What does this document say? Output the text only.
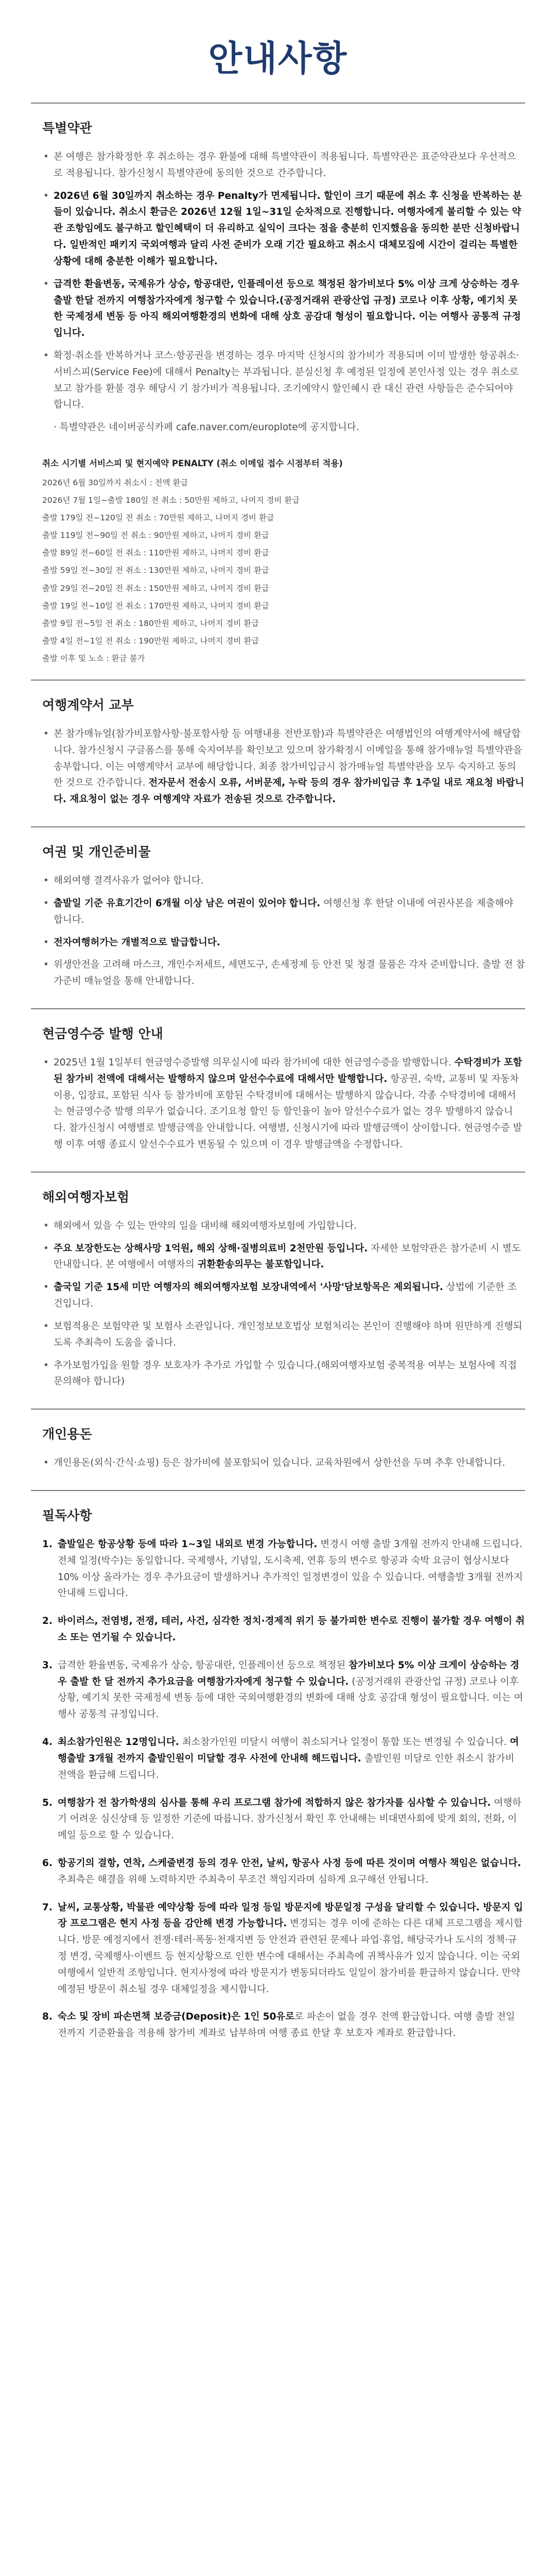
안내사항
특별약관
• 본 여행은 참가확정한 후 취소하는 경우 환불에 대해 특별약관이 적용됩니다. 특별약관은 표준약관보다 우선적으로 적용됩니다. 참가신청시 특별약관에 동의한 것으로 간주합니다.
• 2026년 6월 30일까지 취소하는 경우 Penalty가 면제됩니다. 할인이 크기 때문에 취소 후 신청을 반복하는 분들이 있습니다. 취소시 환금은 2026년 12월 1일~31일 순차적으로 진행합니다. 여행자에게 불리할 수 있는 약관 조항임에도 불구하고 할인혜택이 더 유리하고 실익이 크다는 점을 충분히 인지했음을 동의한 분만 신청바랍니다. 일반적인 패키지 국외여행과 달리 사전 준비가 오래 기간 필요하고 취소시 대체모집에 시간이 걸리는 특별한 상황에 대해 충분한 이해가 필요합니다.
• 급격한 환율변동, 국제유가 상승, 항공대란, 인플레이션 등으로 책정된 참가비보다 5% 이상 크게 상승하는 경우 출발 한달 전까지 여행참가자에게 청구할 수 있습니다.(공정거래위 관광산업 규정) 코로나 이후 상황, 예기치 못한 국제정세 변동 등 아직 해외여행환경의 변화에 대해 상호 공감대 형성이 필요합니다. 이는 여행사 공통적 규정입니다.
• 확정·취소를 반복하거나 코스·항공권을 변경하는 경우 마지막 신청시의 참가비가 적용되며 이미 발생한 항공취소·서비스피(Service Fee)에 대해서 Penalty는 부과됩니다. 분실신청 후 예정된 일정에 본인사정 있는 경우 취소로 보고 참가를 환불 경우 해당시 기 참가비가 적용됩니다. 조기예약시 할인혜시 관 대신 관련 사항들은 준수되어야 합니다.
· 특별약관은 네이버공식카페 cafe.naver.com/europlote에 공지합니다.
취소 시기별 서비스피 및 현지예약 PENALTY (취소 이메일 접수 시점부터 적용)
2026년 6월 30일까지 취소시 : 전액 환급
2026년 7월 1일~출발 180일 전 취소 : 50만원 제하고, 나머지 경비 환급
출발 179일 전~120일 전 취소 : 70만원 제하고, 나머지 경비 환급
출발 119일 전~90일 전 취소 : 90만원 제하고, 나머지 경비 환급
출발 89일 전~60일 전 취소 : 110만원 제하고, 나머지 경비 환급
출발 59일 전~30일 전 취소 : 130만원 제하고, 나머지 경비 환급
출발 29일 전~20일 전 취소 : 150만원 제하고, 나머지 경비 환급
출발 19일 전~10일 전 취소 : 170만원 제하고, 나머지 경비 환급
출발 9일 전~5일 전 취소 : 180만원 제하고, 나머지 경비 환급
출발 4일 전~1일 전 취소 : 190만원 제하고, 나머지 경비 환급
출발 이후 및 노쇼 : 환금 불가
여행계약서 교부
• 본 참가매뉴얼(참가비포함사항·불포함사항 등 여행내용 전반포함)과 특별약관은 여행법인의 여행계약서에 해당합니다. 참가신청시 구글폼스를 통해 숙지여부를 확인보고 있으며 참가확정시 이메일을 통해 참가매뉴얼 특별약관을 송부합니다. 이는 여행계약서 교부에 해당합니다. 최종 참가비입금시 참가매뉴얼 특별약관을 모두 숙지하고 동의한 것으로 간주합니다. 전자문서 전송시 오류, 서버문제, 누락 등의 경우 참가비입금 후 1주일 내로 재요청 바랍니다. 재요청이 없는 경우 여행계약 자료가 전송된 것으로 간주합니다.
여권 및 개인준비물
• 해외여행 결격사유가 없어야 합니다.
• 출발일 기준 유효기간이 6개월 이상 남은 여권이 있어야 합니다. 여행신청 후 한달 이내에 여권사본을 제출해야 합니다.
• 전자여행허가는 개별적으로 발급합니다.
• 위생안전을 고려해 마스크, 개인수저세트, 세면도구, 손세정제 등 안전 및 청결 물품은 각자 준비합니다. 출발 전 참가준비 매뉴얼을 통해 안내합니다.
현금영수증 발행 안내
• 2025년 1월 1일부터 현금영수증발행 의무실시에 따라 참가비에 대한 현금영수증을 발행합니다. 수탁경비가 포함된 참가비 전액에 대해서는 발행하지 않으며 알선수수료에 대해서만 발행합니다. 항공권, 숙박, 교통비 및 자동차 이용, 입장료, 포함된 식사 등 참가비에 포함된 수탁경비에 대해서는 발행하지 않습니다. 각종 수탁경비에 대해서는 현금영수증 발행 의무가 없습니다. 조기요청 할인 등 할인율이 높아 알선수수료가 없는 경우 발행하지 않습니다. 참가신청시 여행별로 발행금액을 안내합니다. 여행별, 신청시기에 따라 발행금액이 상이합니다. 현금영수증 발행 이후 여행 종료시 알선수수료가 변동될 수 있으며 이 경우 발행금액을 수정합니다.
해외여행자보험
• 해외에서 있을 수 있는 만약의 일을 대비해 해외여행자보험에 가입합니다.
• 주요 보장한도는 상해사망 1억원, 해외 상해·질병의료비 2천만원 등입니다. 자세한 보험약관은 참가준비 시 별도 안내합니다. 본 여행에서 여행자의 귀환환송의무는 불포함입니다.
• 출국일 기준 15세 미만 여행자의 해외여행자보험 보장내역에서 '사망'담보항목은 제외됩니다. 상법에 기준한 조건입니다.
• 보험적용은 보험약관 및 보험사 소관입니다. 개인정보보호법상 보험처리는 본인이 진행해야 하며 원만하게 진행되도록 추최측이 도움을 줍니다.
• 추가보험가입을 원할 경우 보호자가 추가로 가입할 수 있습니다.(해외여행자보험 중복적용 여부는 보험사에 직접 문의해야 합니다)
개인용돈
• 개인용돈(외식·간식·쇼핑) 등은 참가비에 불포함되어 있습니다. 교육차원에서 상한선을 두며 추후 안내합니다.
필독사항
1. 출발일은 항공상황 등에 따라 1~3일 내외로 변경 가능합니다. 변경시 여행 출발 3개월 전까지 안내해 드립니다. 전체 일정(박수)는 동일합니다. 국제행사, 기념일, 도시축제, 연휴 등의 변수로 항공과 숙박 요금이 협상시보다 10% 이상 올라가는 경우 추가요금이 발생하거나 추가적인 일정변경이 있을 수 있습니다. 여행출발 3개월 전까지 안내해 드립니다.
2. 바이러스, 전염병, 전쟁, 테러, 사건, 심각한 정치·경제적 위기 등 불가피한 변수로 진행이 불가할 경우 여행이 취소 또는 연기될 수 있습니다.
3. 급격한 환율변동, 국제유가 상승, 항공대란, 인플레이션 등으로 책정된 참가비보다 5% 이상 크게이 상승하는 경우 출발 한 달 전까지 추가요금을 여행참가자에게 청구할 수 있습니다. (공정거래위 관광산업 규정) 코로나 이후 상황, 예기치 못한 국제정세 변동 등에 대한 국외여행환경의 변화에 대해 상호 공감대 형성이 필요합니다. 이는 여행사 공통적 규정입니다.
4. 최소참가인원은 12명입니다. 최소참가인원 미달시 여행이 취소되거나 일정이 통합 또는 변경될 수 있습니다. 여행출발 3개월 전까지 출발인원이 미달할 경우 사전에 안내해 해드립니다. 출발인원 미달로 인한 취소시 참가비 전액을 환급해 드립니다.
5. 여행참가 전 참가학생의 심사를 통해 우리 프로그램 참가에 적합하지 않은 참가자를 심사할 수 있습니다. 여행하기 어려운 심신상태 등 일정한 기준에 따릅니다. 참가신청서 확인 후 안내해는 비대면사회에 맞게 회의, 전화, 이메일 등으로 할 수 있습니다.
6. 항공기의 결항, 연착, 스케줄변경 등의 경우 안전, 날씨, 항공사 사정 등에 따른 것이며 여행사 책임은 없습니다. 추최측은 해결을 위해 노력하지만 주최측이 무조건 책임지라며 심하게 요구해선 안됩니다.
7. 날씨, 교통상황, 박물관 예약상황 등에 따라 일정 등일 방문지에 방문일정 구성을 달리할 수 있습니다. 방문지 입장 프로그램은 현지 사정 등을 감안해 변경 가능합니다. 변경되는 경우 이에 준하는 다른 대체 프로그램을 제시합니다. 방문 예정지에서 전쟁·테러·폭동·천재지변 등 안전과 관련된 문제나 파업·휴업, 해당국가나 도시의 정책·규정 변경, 국제행사·이벤트 등 현지상황으로 인한 변수에 대해서는 주최측에 귀책사유가 있지 않습니다. 이는 국외여행에서 일반적 조항입니다. 현지사정에 따라 방문지가 변동되더라도 일일이 참가비를 환급하지 않습니다. 만약 예정된 방문이 취소될 경우 대체일정을 제시합니다.
8. 숙소 및 장비 파손면책 보증금(Deposit)은 1인 50유로로 파손이 없을 경우 전액 환급합니다. 여행 출발 전일 전까지 기준환율을 적용해 참가비 계좌로 납부하며 여행 종료 한달 후 보호자 계좌로 환급합니다.
